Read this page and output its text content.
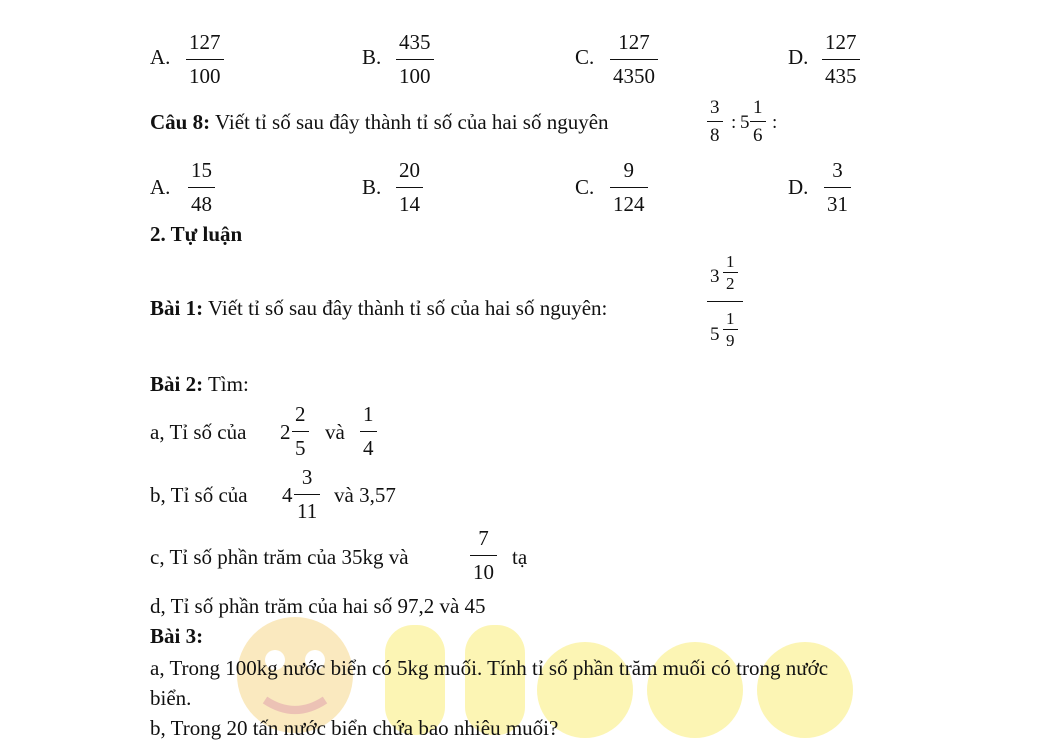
A.
127
100
B.
435
100
C.
127
4350
D.
127
435
Câu 8: Viết tỉ số sau đây thành tỉ số của hai số nguyên
3
8
: 5
1
6
:
A.
15
48
B.
20
14
C.
9
124
D.
3
31
2. Tự luận
Bài 1: Viết tỉ số sau đây thành tỉ số của hai số nguyên:
3
1
2
5
1
9
Bài 2: Tìm:
a, Tỉ số của 2
2
5
và
1
4
b, Tỉ số của 4
3
11
và 3,57
c, Tỉ số phần trăm của 35kg và
7
10
tạ
d, Tỉ số phần trăm của hai số 97,2 và 45
Bài 3:
a, Trong 100kg nước biển có 5kg muối. Tính tỉ số phần trăm muối có trong nước
biển.
b, Trong 20 tấn nước biển chứa bao nhiêu muối?
